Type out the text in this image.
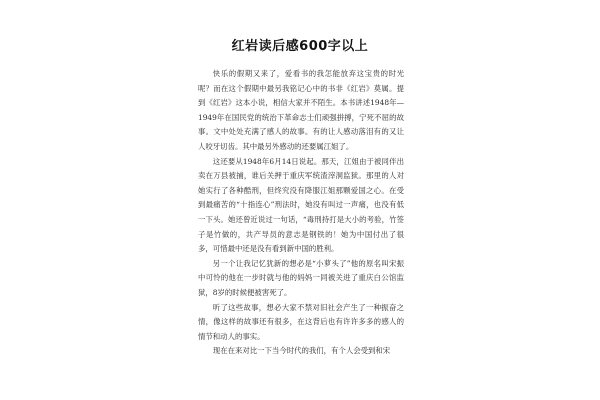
红岩读后感600字以上

快乐的假期又来了，爱看书的我怎能放弃这宝贵的时光呢？而在这个假期中最另我铭记心中的书非《红岩》莫属。提到《红岩》这本小说，相信大家并不陌生。本书讲述1948年—1949年在国民党的统治下革命志士们顽强拼搏，宁死不屈的故事。文中处处充满了感人的故事。有的让人感动落泪有的又让人咬牙切齿。其中最另外感动的还要属江姐了。

这还要从1948年6月14日说起。那天，江姐由于被同伴出卖在万县被捕，谁后关押于重庆军统渣滓洞监狱。那里的人对她实行了各种酷刑，但终究没有降服江姐那颗爱国之心。在受到最痛苦的“十指连心”刑法时，她没有叫过一声痛，也没有低一下头。她还曾近说过一句话，“毒刑持打是大小的考验，竹签子是竹做的，共产导员的意志是钢铁的！她为中国付出了很多，可惜最中还是没有看到新中国的胜利。

另一个让我记忆犹新的想必是“小萝头了”他的原名叫宋振中可怜的他在一步时就与他的妈妈一同被关进了重庆白公馆监狱，8岁的时候便被害死了。

听了这些故事，想必大家不禁对旧社会产生了一种振奋之情，像这样的故事还有很多，在这背后也有许许多多的感人的情节和动人的事实。

现在在来对比一下当今时代的我们，有个人会受到和宋
